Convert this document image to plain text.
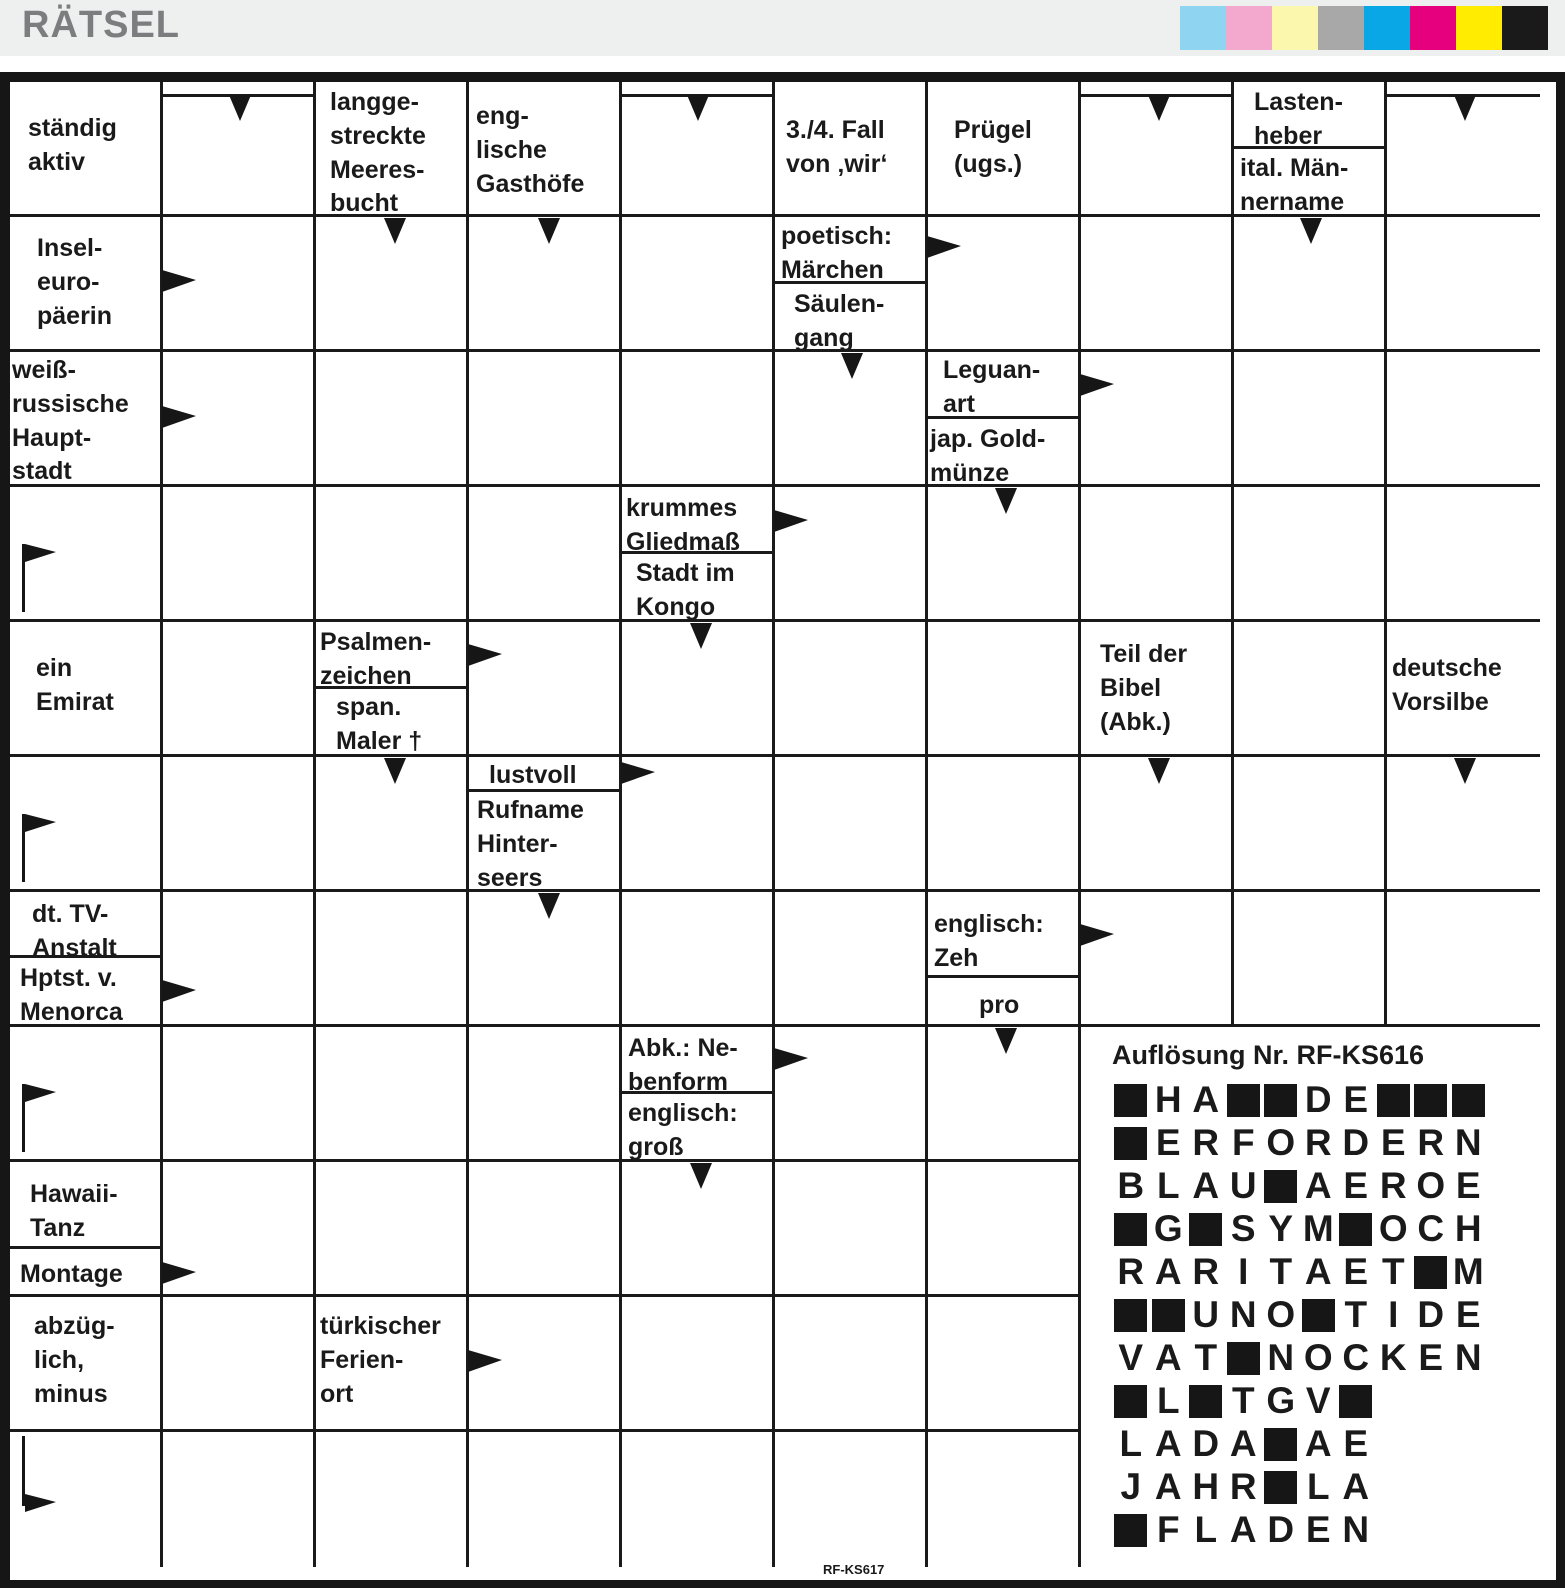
RÄTSEL
Auflösung Nr. RF-KS616
H A D E
E R F O R D E R N
B L A U A E R O E
G S Y M O C H
R A R I T A E T M
U N O T I D E
V A T N O C K E N
L T G V
L A D A A E
J A H R L A
F L A D E N
RF-KS617
ständig
aktiv
langge-
streckte
Meeres-
bucht
eng-
lische
Gasthöfe
3./4. Fall
von ‚wir‘
Prügel
(ugs.)
Lasten-
heber
ital. Män-
nername
Insel-
euro-
päerin
poetisch:
Märchen
Säulen-
gang
weiß-
russische
Haupt-
stadt
Leguan-
art
jap. Gold-
münze
krummes
Gliedmaß
Stadt im
Kongo
ein
Emirat
Psalmen-
zeichen
span.
Maler †
Teil der
Bibel
(Abk.)
deutsche
Vorsilbe
lustvoll
Rufname
Hinter-
seers
dt. TV-
Anstalt
Hptst. v.
Menorca
englisch:
Zeh
pro
Abk.: Ne-
benform
englisch:
groß
Hawaii-
Tanz
Montage
abzüg-
lich,
minus
türkischer
Ferien-
ort
